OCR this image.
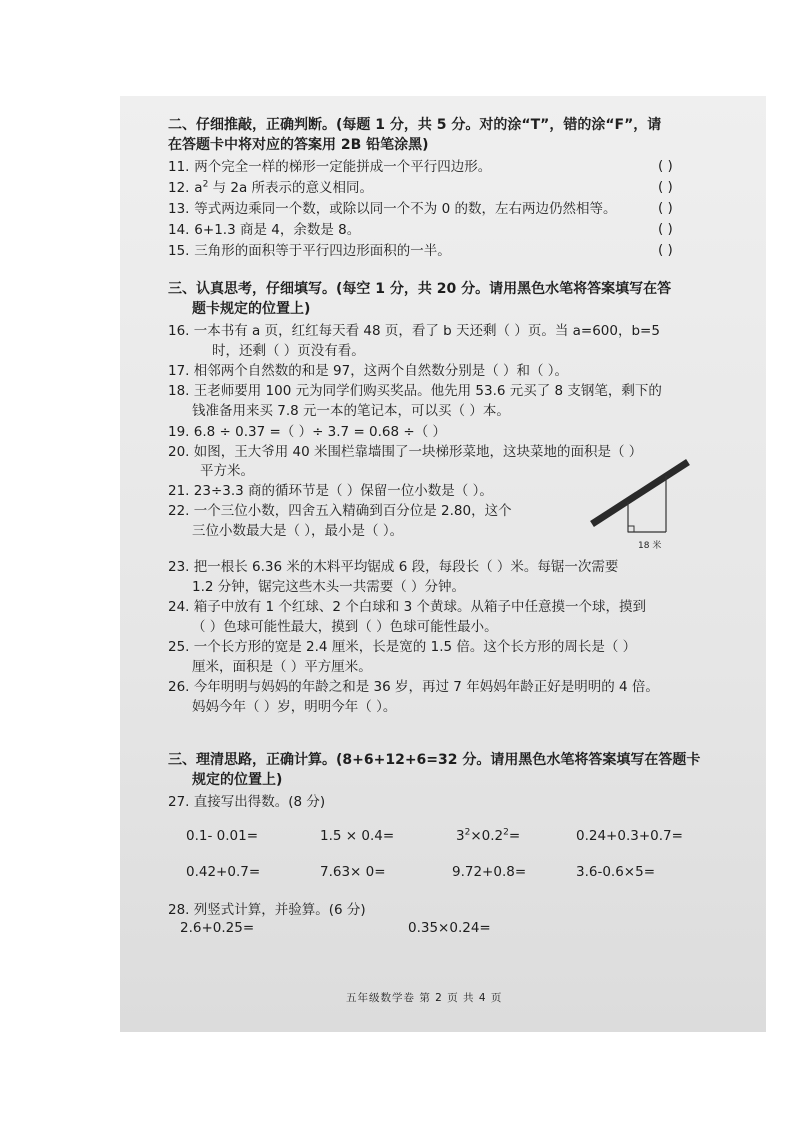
二、仔细推敲，正确判断。(每题 1 分，共 5 分。对的涂“T”，错的涂“F”，请
在答题卡中将对应的答案用 2B 铅笔涂黑)
11. 两个完全一样的梯形一定能拼成一个平行四边形。	( )
12. $a^2$ 与 2a 所表示的意义相同。	( )
13. 等式两边乘同一个数，或除以同一个不为 0 的数，左右两边仍然相等。	( )
14. 6+1.3 商是 4，余数是 8。	( )
15. 三角形的面积等于平行四边形面积的一半。	( )
三、认真思考，仔细填写。(每空 1 分，共 20 分。请用黑色水笔将答案填写在答
题卡规定的位置上)
16. 一本书有 a 页，红红每天看 48 页，看了 b 天还剩（ ）页。当 a=600，b=5
时，还剩（ ）页没有看。
17. 相邻两个自然数的和是 97，这两个自然数分别是（ ）和（ ）。
18. 王老师要用 100 元为同学们购买奖品。他先用 53.6 元买了 8 支钢笔，剩下的
钱准备用来买 7.8 元一本的笔记本，可以买（ ）本。
19. 6.8 ÷ 0.37 =（ ）÷ 3.7 = 0.68 ÷（ ）
20. 如图，王大爷用 40 米围栏靠墙围了一块梯形菜地，这块菜地的面积是（ ）
平方米。
21. 23÷3.3 商的循环节是（ ）保留一位小数是（ ）。
22. 一个三位小数，四舍五入精确到百分位是 2.80，这个
三位小数最大是（ ），最小是（ ）。
18 米
23. 把一根长 6.36 米的木料平均锯成 6 段，每段长（ ）米。每锯一次需要
1.2 分钟，锯完这些木头一共需要（ ）分钟。
24. 箱子中放有 1 个红球、2 个白球和 3 个黄球。从箱子中任意摸一个球，摸到
（ ）色球可能性最大，摸到（ ）色球可能性最小。
25. 一个长方形的宽是 2.4 厘米，长是宽的 1.5 倍。这个长方形的周长是（ ）
厘米，面积是（ ）平方厘米。
26. 今年明明与妈妈的年龄之和是 36 岁，再过 7 年妈妈年龄正好是明明的 4 倍。
妈妈今年（ ）岁，明明今年（ ）。
三、理清思路，正确计算。(8+6+12+6=32 分。请用黑色水笔将答案填写在答题卡
规定的位置上)
27. 直接写出得数。(8 分)
0.1- 0.01=	1.5 × 0.4=	$3^2\times 0.2^2=$	0.24+0.3+0.7=
0.42+0.7=	7.63× 0=	9.72+0.8=	3.6-0.6×5=
28. 列竖式计算，并验算。(6 分)
2.6+0.25=	0.35×0.24=
五年级数学卷 第 2 页 共 4 页
